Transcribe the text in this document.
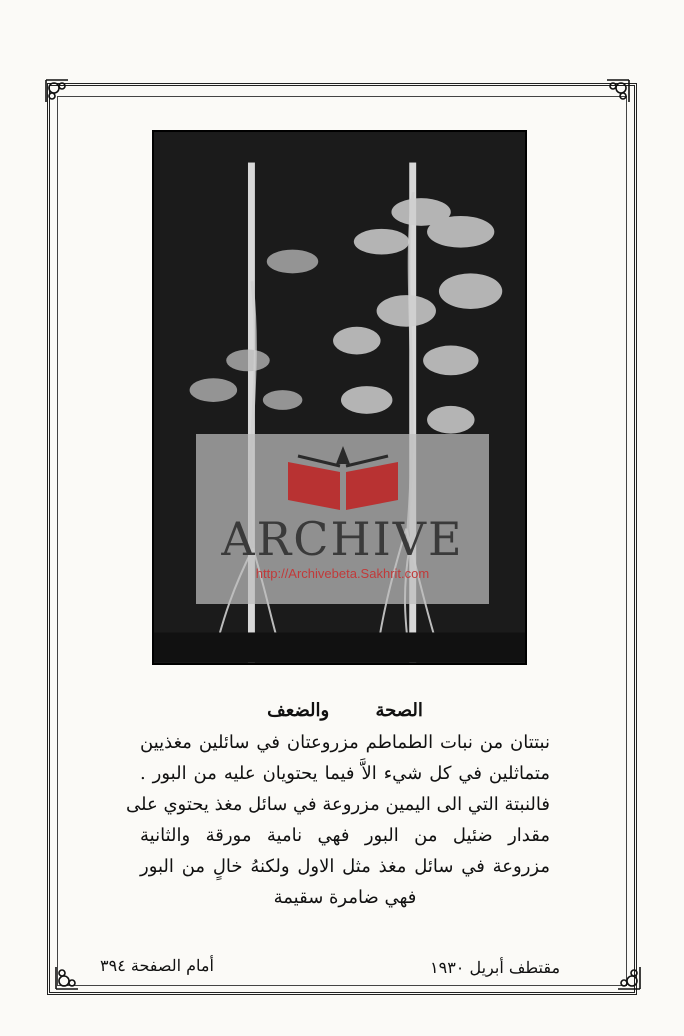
ARCHIVE
http://Archivebeta.Sakhrit.com
الصحة والضعف
نبتتان من نبات الطماطم مزروعتان في سائلين مغذيين
متماثلين في كل شيء الاَّ فيما يحتويان عليه من البور .
فالنبتة التي الى اليمين مزروعة في سائل مغذ يحتوي على
مقدار ضئيل من البور فهي نامية مورقة والثانية
مزروعة في سائل مغذ مثل الاول ولكنهُ خالٍ من البور
فهي ضامرة سقيمة
أمام الصفحة ٣٩٤	مقتطف أبريل ١٩٣٠
